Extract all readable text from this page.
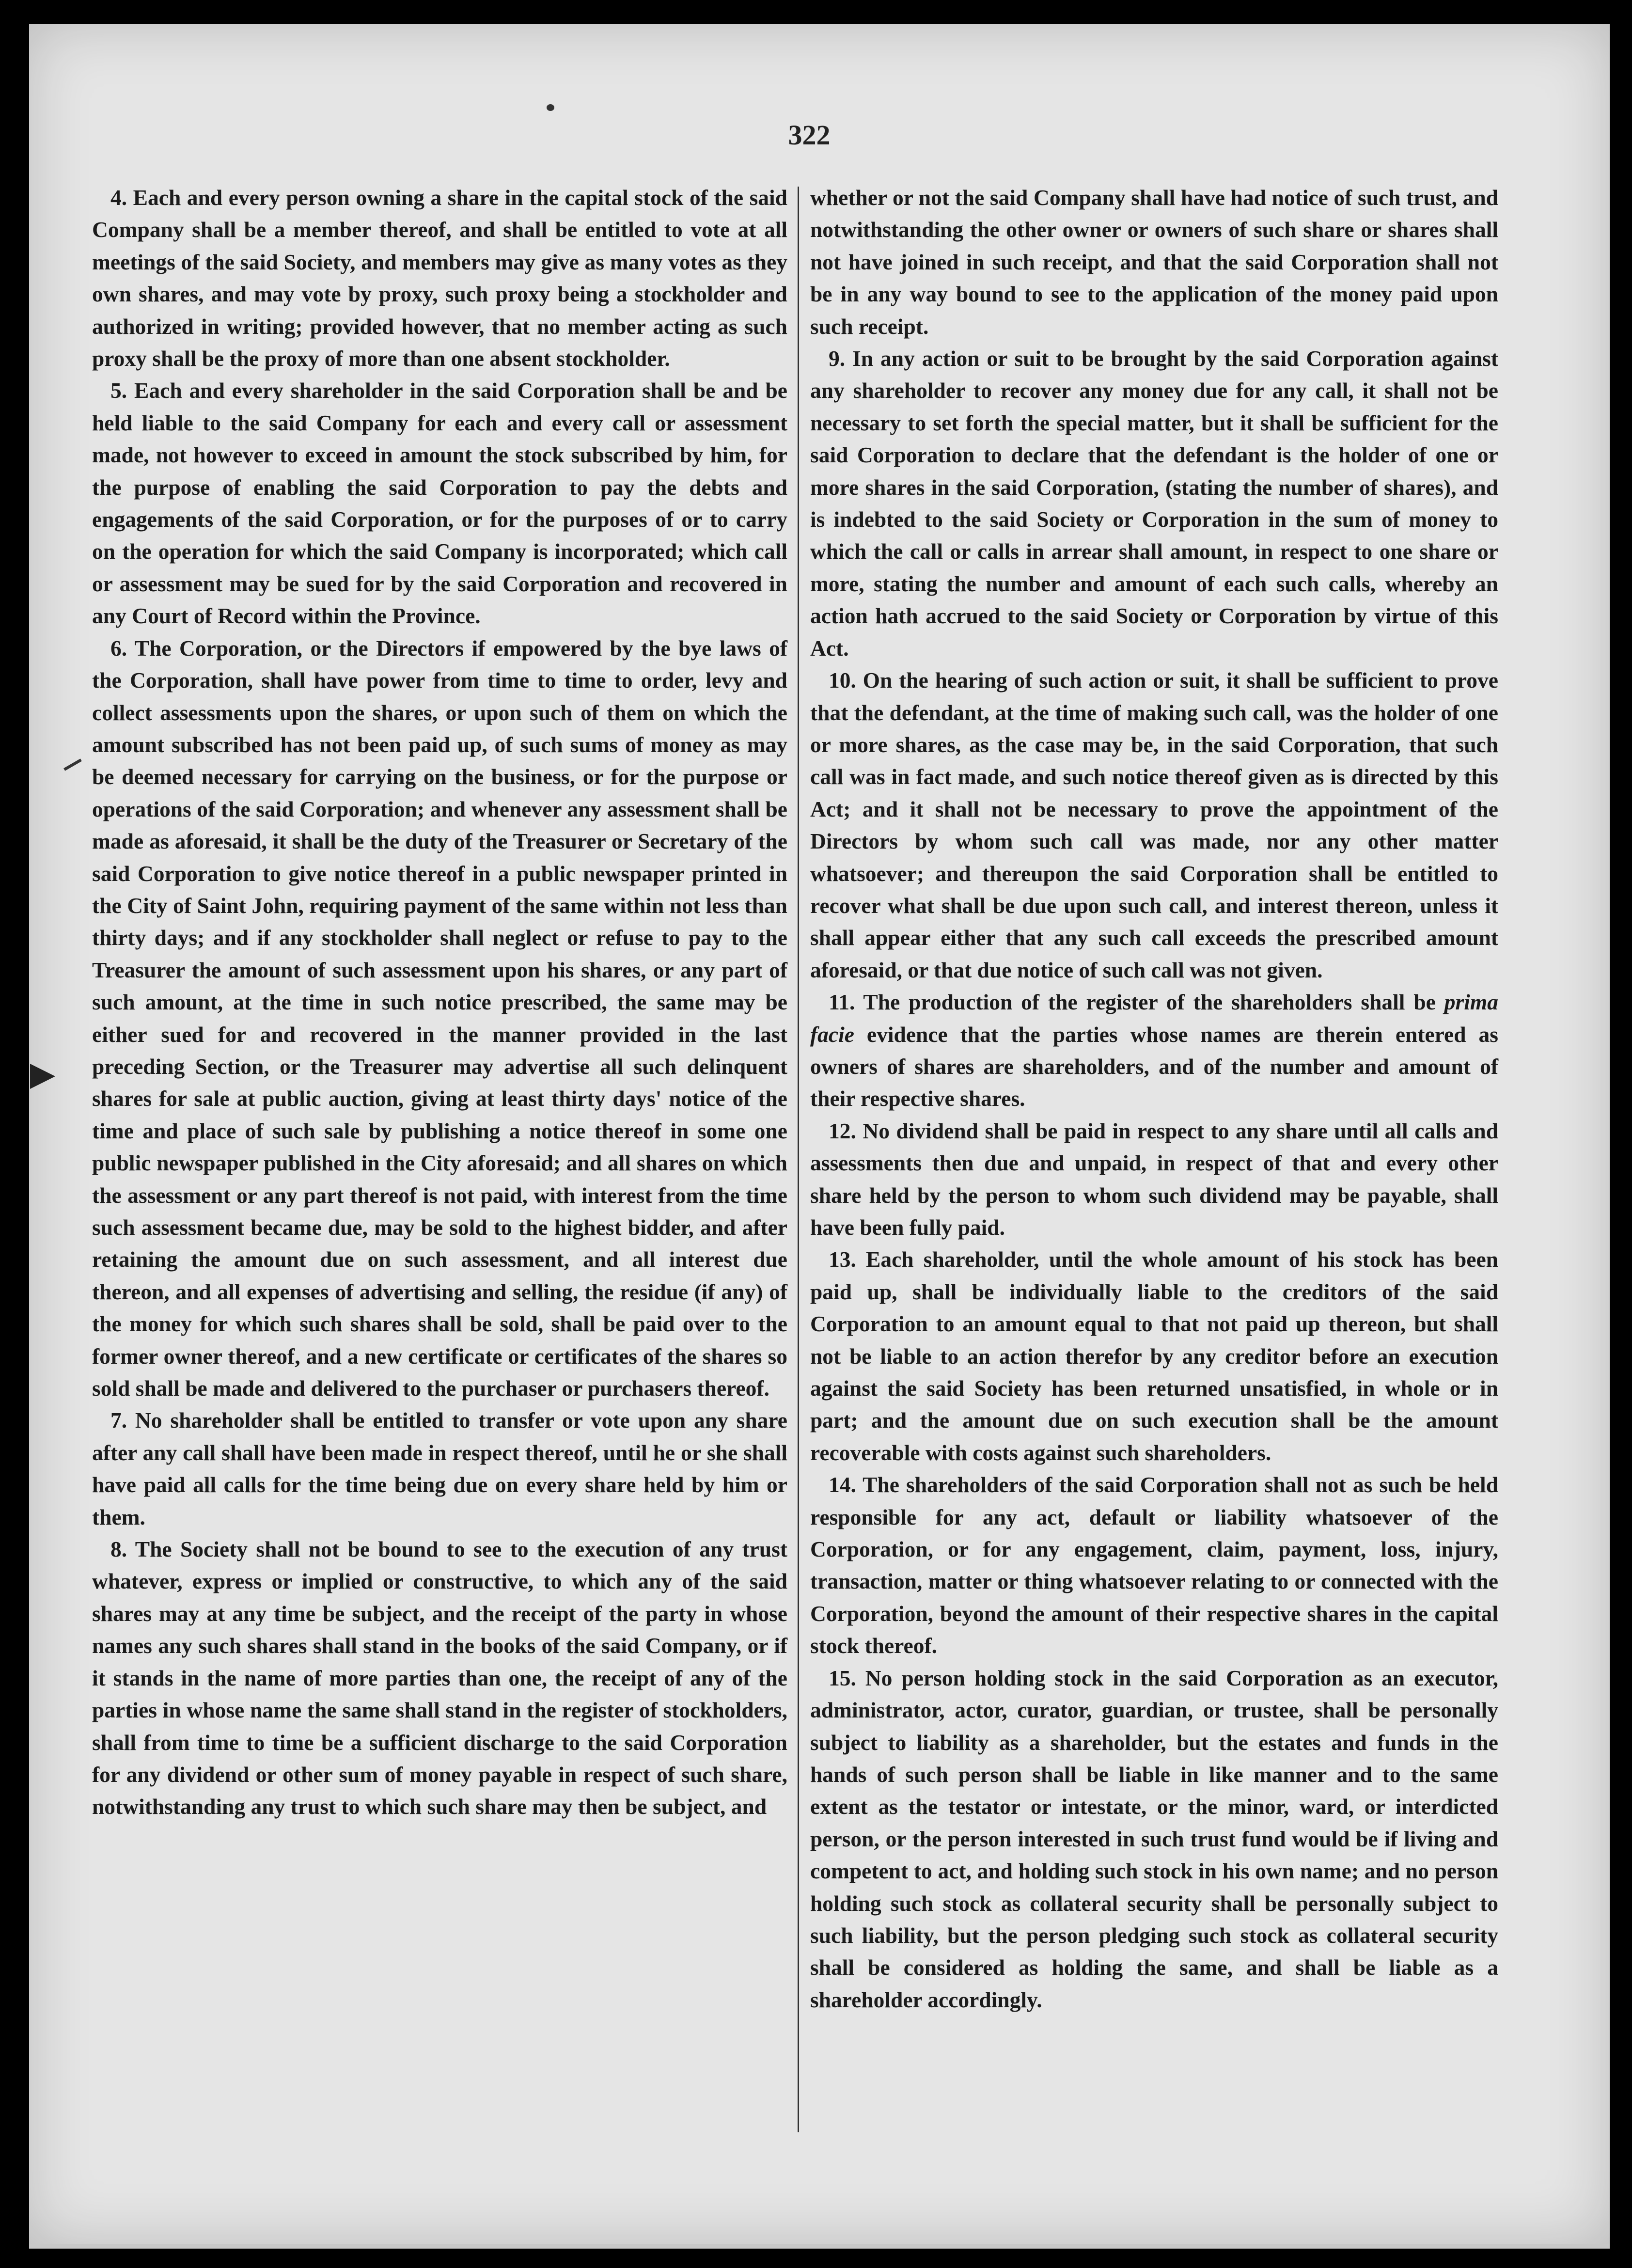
322

4. Each and every person owning a share in the capital stock of the said Company shall be a member thereof, and shall be entitled to vote at all meetings of the said Society, and members may give as many votes as they own shares, and may vote by proxy, such proxy being a stockholder and authorized in writing; provided however, that no member acting as such proxy shall be the proxy of more than one absent stockholder.

5. Each and every shareholder in the said Corporation shall be and be held liable to the said Company for each and every call or assessment made, not however to exceed in amount the stock subscribed by him, for the purpose of enabling the said Corporation to pay the debts and engagements of the said Corporation, or for the purposes of or to carry on the operation for which the said Company is incorporated; which call or assessment may be sued for by the said Corporation and recovered in any Court of Record within the Province.

6. The Corporation, or the Directors if empowered by the bye laws of the Corporation, shall have power from time to time to order, levy and collect assessments upon the shares, or upon such of them on which the amount subscribed has not been paid up, of such sums of money as may be deemed necessary for carrying on the business, or for the purpose or operations of the said Corporation; and whenever any assessment shall be made as aforesaid, it shall be the duty of the Treasurer or Secretary of the said Corporation to give notice thereof in a public newspaper printed in the City of Saint John, requiring payment of the same within not less than thirty days; and if any stockholder shall neglect or refuse to pay to the Treasurer the amount of such assessment upon his shares, or any part of such amount, at the time in such notice prescribed, the same may be either sued for and recovered in the manner provided in the last preceding Section, or the Treasurer may advertise all such delinquent shares for sale at public auction, giving at least thirty days' notice of the time and place of such sale by publishing a notice thereof in some one public newspaper published in the City aforesaid; and all shares on which the assessment or any part thereof is not paid, with interest from the time such assessment became due, may be sold to the highest bidder, and after retaining the amount due on such assessment, and all interest due thereon, and all expenses of advertising and selling, the residue (if any) of the money for which such shares shall be sold, shall be paid over to the former owner thereof, and a new certificate or certificates of the shares so sold shall be made and delivered to the purchaser or purchasers thereof.

7. No shareholder shall be entitled to transfer or vote upon any share after any call shall have been made in respect thereof, until he or she shall have paid all calls for the time being due on every share held by him or them.

8. The Society shall not be bound to see to the execution of any trust whatever, express or implied or constructive, to which any of the said shares may at any time be subject, and the receipt of the party in whose names any such shares shall stand in the books of the said Company, or if it stands in the name of more parties than one, the receipt of any of the parties in whose name the same shall stand in the register of stockholders, shall from time to time be a sufficient discharge to the said Corporation for any dividend or other sum of money payable in respect of such share, notwithstanding any trust to which such share may then be subject, and

whether or not the said Company shall have had notice of such trust, and notwithstanding the other owner or owners of such share or shares shall not have joined in such receipt, and that the said Corporation shall not be in any way bound to see to the application of the money paid upon such receipt.

9. In any action or suit to be brought by the said Corporation against any shareholder to recover any money due for any call, it shall not be necessary to set forth the special matter, but it shall be sufficient for the said Corporation to declare that the defendant is the holder of one or more shares in the said Corporation, (stating the number of shares), and is indebted to the said Society or Corporation in the sum of money to which the call or calls in arrear shall amount, in respect to one share or more, stating the number and amount of each such calls, whereby an action hath accrued to the said Society or Corporation by virtue of this Act.

10. On the hearing of such action or suit, it shall be sufficient to prove that the defendant, at the time of making such call, was the holder of one or more shares, as the case may be, in the said Corporation, that such call was in fact made, and such notice thereof given as is directed by this Act; and it shall not be necessary to prove the appointment of the Directors by whom such call was made, nor any other matter whatsoever; and thereupon the said Corporation shall be entitled to recover what shall be due upon such call, and interest thereon, unless it shall appear either that any such call exceeds the prescribed amount aforesaid, or that due notice of such call was not given.

11. The production of the register of the shareholders shall be prima facie evidence that the parties whose names are therein entered as owners of shares are shareholders, and of the number and amount of their respective shares.

12. No dividend shall be paid in respect to any share until all calls and assessments then due and unpaid, in respect of that and every other share held by the person to whom such dividend may be payable, shall have been fully paid.

13. Each shareholder, until the whole amount of his stock has been paid up, shall be individually liable to the creditors of the said Corporation to an amount equal to that not paid up thereon, but shall not be liable to an action therefor by any creditor before an execution against the said Society has been returned unsatisfied, in whole or in part; and the amount due on such execution shall be the amount recoverable with costs against such shareholders.

14. The shareholders of the said Corporation shall not as such be held responsible for any act, default or liability whatsoever of the Corporation, or for any engagement, claim, payment, loss, injury, transaction, matter or thing whatsoever relating to or connected with the Corporation, beyond the amount of their respective shares in the capital stock thereof.

15. No person holding stock in the said Corporation as an executor, administrator, actor, curator, guardian, or trustee, shall be personally subject to liability as a shareholder, but the estates and funds in the hands of such person shall be liable in like manner and to the same extent as the testator or intestate, or the minor, ward, or interdicted person, or the person interested in such trust fund would be if living and competent to act, and holding such stock in his own name; and no person holding such stock as collateral security shall be personally subject to such liability, but the person pledging such stock as collateral security shall be considered as holding the same, and shall be liable as a shareholder accordingly.
